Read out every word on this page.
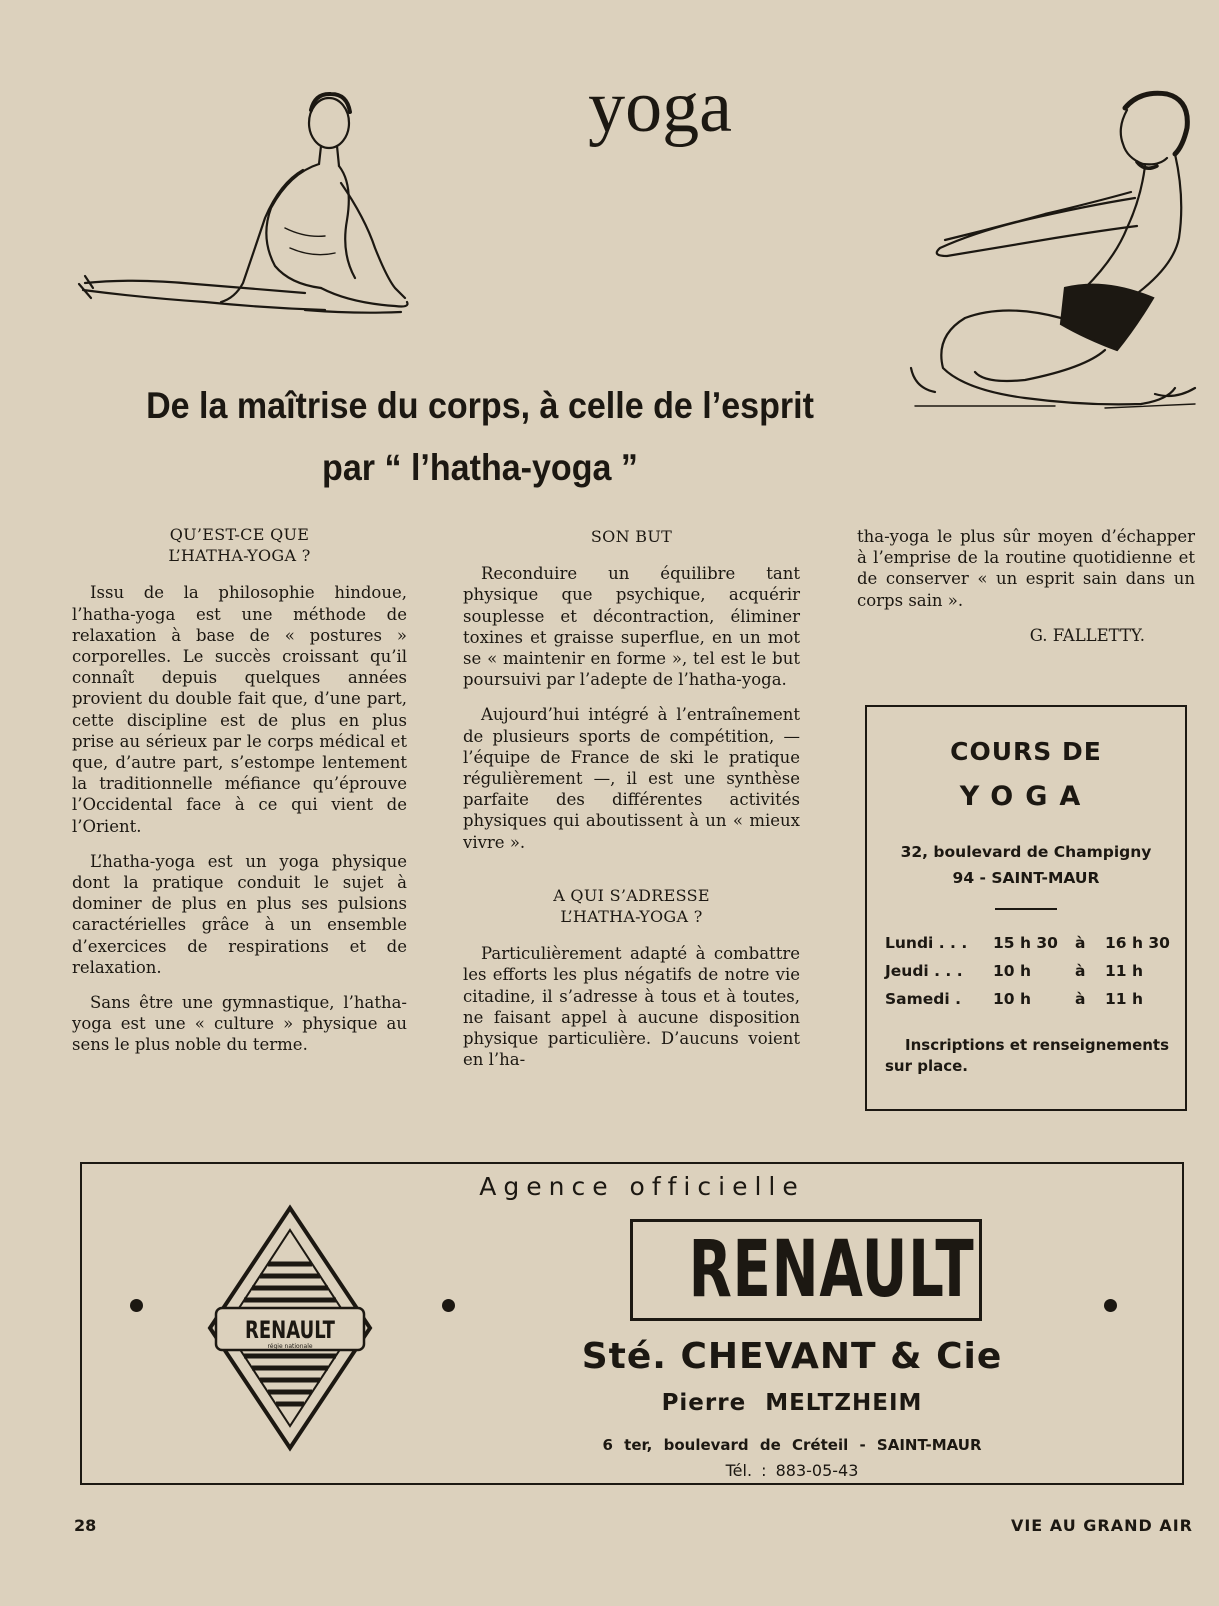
yoga
De la maîtrise du corps, à celle de l’esprit
par “ l’hatha-yoga ”

QU’EST-CE QUE
L’HATHA-YOGA ?

Issu de la philosophie hindoue, l’hatha-yoga est une méthode de relaxation à base de « postures » corporelles. Le succès croissant qu’il connaît depuis quelques années provient du double fait que, d’une part, cette discipline est de plus en plus prise au sérieux par le corps médical et que, d’autre part, s’estompe lentement la traditionnelle méfiance qu’éprouve l’Occidental face à ce qui vient de l’Orient.

L’hatha-yoga est un yoga physique dont la pratique conduit le sujet à dominer de plus en plus ses pulsions caractérielles grâce à un ensemble d’exercices de respirations et de relaxation.

Sans être une gymnastique, l’hatha-yoga est une « culture » physique au sens le plus noble du terme.

SON BUT

Reconduire un équilibre tant physique que psychique, acquérir souplesse et décontraction, éliminer toxines et graisse superflue, en un mot se « maintenir en forme », tel est le but poursuivi par l’adepte de l’hatha-yoga.

Aujourd’hui intégré à l’entraînement de plusieurs sports de compétition, — l’équipe de France de ski le pratique régulièrement —, il est une synthèse parfaite des différentes activités physiques qui aboutissent à un « mieux vivre ».

A QUI S’ADRESSE
L’HATHA-YOGA ?

Particulièrement adapté à combattre les efforts les plus négatifs de notre vie citadine, il s’adresse à tous et à toutes, ne faisant appel à aucune disposition physique particulière. D’aucuns voient en l’ha-

tha-yoga le plus sûr moyen d’échapper à l’emprise de la routine quotidienne et de conserver « un esprit sain dans un corps sain ».

G. FALLETTY.

COURS DE
YOGA
32, boulevard de Champigny
94 - SAINT-MAUR
Lundi . . .	15 h 30	à	16 h 30
Jeudi . . .	10 h	à	11 h
Samedi .	10 h	à	11 h
Inscriptions et renseignements sur place.
Agence officielle
RENAULT
régie nationale
RENAULT
Sté. CHEVANT & Cie
Pierre MELTZHEIM
6 ter, boulevard de Créteil - SAINT-MAUR
Tél. : 883-05-43
28	VIE AU GRAND AIR
